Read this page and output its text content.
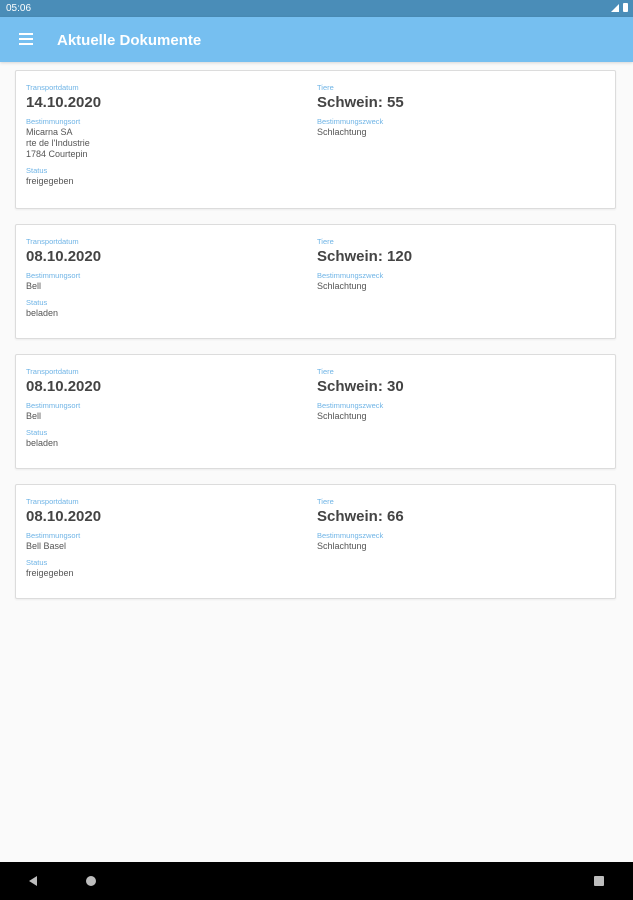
05:06
Aktuelle Dokumente
Transportdatum
14.10.2020
Bestimmungsort
Micarna SA
rte de l'Industrie
1784 Courtepin
Status
freigegeben
Tiere
Schwein: 55
Bestimmungszweck
Schlachtung
Transportdatum
08.10.2020
Bestimmungsort
Bell
Status
beladen
Tiere
Schwein: 120
Bestimmungszweck
Schlachtung
Transportdatum
08.10.2020
Bestimmungsort
Bell
Status
beladen
Tiere
Schwein: 30
Bestimmungszweck
Schlachtung
Transportdatum
08.10.2020
Bestimmungsort
Bell Basel
Status
freigegeben
Tiere
Schwein: 66
Bestimmungszweck
Schlachtung
